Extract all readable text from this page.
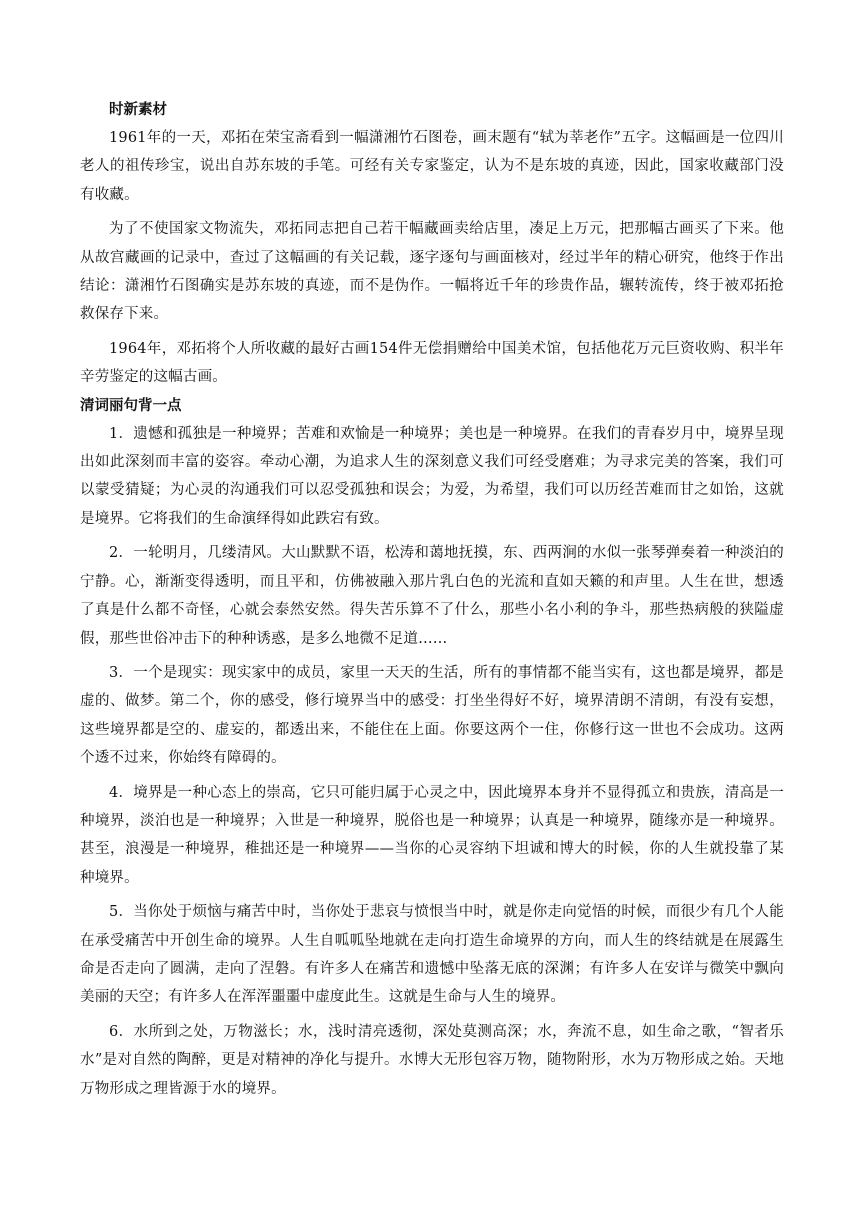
时新素材

1961年的一天，邓拓在荣宝斋看到一幅潇湘竹石图卷，画末题有“轼为莘老作”五字。这幅画是一位四川老人的祖传珍宝，说出自苏东坡的手笔。可经有关专家鉴定，认为不是东坡的真迹，因此，国家收藏部门没有收藏。

为了不使国家文物流失，邓拓同志把自己若干幅藏画卖给店里，凑足上万元，把那幅古画买了下来。他从故宫藏画的记录中，查过了这幅画的有关记载，逐字逐句与画面核对，经过半年的精心研究，他终于作出结论：潇湘竹石图确实是苏东坡的真迹，而不是伪作。一幅将近千年的珍贵作品，辗转流传，终于被邓拓抢救保存下来。

1964年，邓拓将个人所收藏的最好古画154件无偿捐赠给中国美术馆，包括他花万元巨资收购、积半年辛劳鉴定的这幅古画。

清词丽句背一点

1．遗憾和孤独是一种境界；苦难和欢愉是一种境界；美也是一种境界。在我们的青春岁月中，境界呈现出如此深刻而丰富的姿容。牵动心潮，为追求人生的深刻意义我们可经受磨难；为寻求完美的答案，我们可以蒙受猜疑；为心灵的沟通我们可以忍受孤独和误会；为爱，为希望，我们可以历经苦难而甘之如饴，这就是境界。它将我们的生命演绎得如此跌宕有致。

2．一轮明月，几缕清风。大山默默不语，松涛和蔼地抚摸，东、西两涧的水似一张琴弹奏着一种淡泊的宁静。心，渐渐变得透明，而且平和，仿佛被融入那片乳白色的光流和直如天籁的和声里。人生在世，想透了真是什么都不奇怪，心就会泰然安然。得失苦乐算不了什么，那些小名小利的争斗，那些热病般的狭隘虚假，那些世俗冲击下的种种诱惑，是多么地微不足道……

3．一个是现实：现实家中的成员，家里一天天的生活，所有的事情都不能当实有，这也都是境界，都是虚的、做梦。第二个，你的感受，修行境界当中的感受：打坐坐得好不好，境界清朗不清朗，有没有妄想，这些境界都是空的、虚妄的，都透出来，不能住在上面。你要这两个一住，你修行这一世也不会成功。这两个透不过来，你始终有障碍的。

4．境界是一种心态上的崇高，它只可能归属于心灵之中，因此境界本身并不显得孤立和贵族，清高是一种境界，淡泊也是一种境界；入世是一种境界，脱俗也是一种境界；认真是一种境界，随缘亦是一种境界。甚至，浪漫是一种境界，稚拙还是一种境界——当你的心灵容纳下坦诚和博大的时候，你的人生就投靠了某种境界。

5．当你处于烦恼与痛苦中时，当你处于悲哀与愤恨当中时，就是你走向觉悟的时候，而很少有几个人能在承受痛苦中开创生命的境界。人生自呱呱坠地就在走向打造生命境界的方向，而人生的终结就是在展露生命是否走向了圆满，走向了涅磐。有许多人在痛苦和遗憾中坠落无底的深渊；有许多人在安详与微笑中飘向美丽的天空；有许多人在浑浑噩噩中虚度此生。这就是生命与人生的境界。

6．水所到之处，万物滋长；水，浅时清亮透彻，深处莫测高深；水，奔流不息，如生命之歌，“智者乐水”是对自然的陶醉，更是对精神的净化与提升。水博大无形包容万物，随物附形，水为万物形成之始。天地万物形成之理皆源于水的境界。
